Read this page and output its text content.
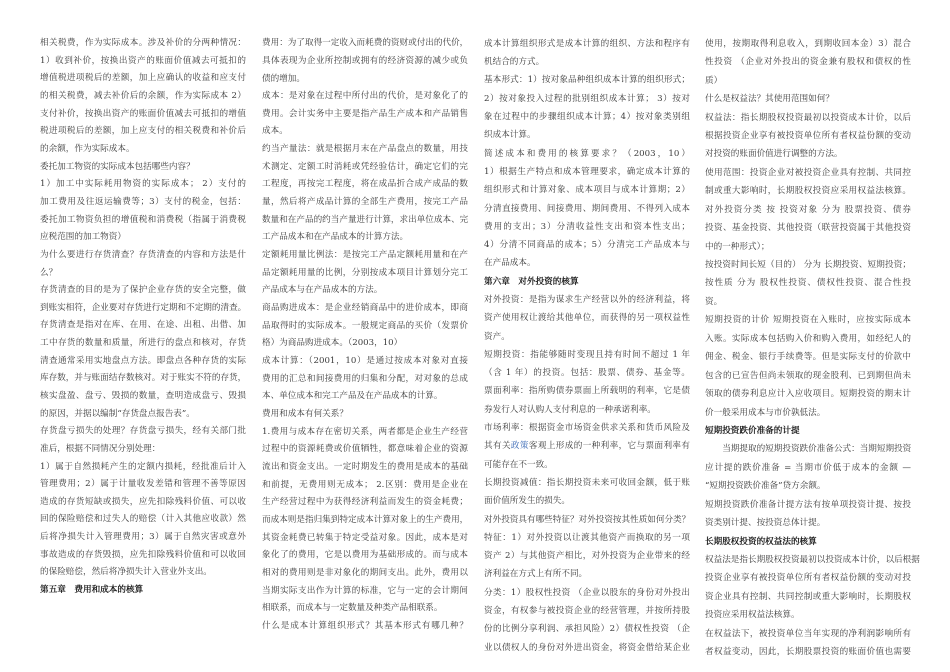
相关税费，作为实际成本。涉及补价的分两种情况：
1）收到补价，按换出资产的账面价值减去可抵扣的
增值税进项税后的差额，加上应确认的收益和应支付
的相关税费，减去补价后的余额，作为实际成本 2）
支付补价，按换出资产的账面价值减去可抵扣的增值
税进项税后的差额，加上应支付的相关税费和补价后
的余额，作为实际成本。
委托加工物资的实际成本包括哪些内容？
1）加工中实际耗用物资的实际成本； 2）支付的
加工费用及往返运输费等；3）支付的税金，包括：
委托加工物资负担的增值税和消费税（指属于消费税
应税范围的加工物资）
为什么要进行存货清查？存货清查的内容和方法是什
么？
存货清查的目的是为了保护企业存货的安全完整，做
到账实相符，企业要对存货进行定期和不定期的清查。
存货清查是指对在库、在用、在途、出租、出借、加
工中存货的数量和质量，所进行的盘点和核对，存货
清查通常采用实地盘点方法。即盘点各种存货的实际
库存数，并与账面结存数核对。对于账实不符的存货，
核实盘盈、盘亏、毁损的数量，查明造成盘亏、毁损
的原因，并据以编制“存货盘点报告表”。
存货盘亏损失的处理？存货盘亏损失，经有关部门批
准后，根据不同情况分别处理：
1）属于自然损耗产生的定额内损耗，经批准后计入
管理费用；2）属于计量收发差错和管理不善等原因
造成的存货短缺或损失，应先扣除残料价值、可以收
回的保险赔偿和过失人的赔偿（计入其他应收款）然
后将净损失计入管理费用；3）属于自然灾害或意外
事故造成的存货毁损，应先扣除残料价值和可以收回
的保险赔偿，然后将净损失计入营业外支出。
第五章　费用和成本的核算
费用：为了取得一定收入而耗费的资财或付出的代价，
具体表现为企业所控制或拥有的经济资源的减少或负
债的增加。
成本：是对象在过程中所付出的代价，是对象化了的
费用。会计实务中主要是指产品生产成本和产品销售
成本。
约当产量法：就是根据月末在产品盘点的数量，用技
术测定、定额工时消耗或凭经验估计，确定它们的完
工程度，再按完工程度，将在成品折合成产成品的数
量，然后将产成品计算的全部生产费用，按完工产品
数量和在产品的约当产量进行计算，求出单位成本、完
工产品成本和在产品成本的计算方法。
定额耗用量比例法：是按完工产品定额耗用量和在产
品定额耗用量的比例，分别按成本项目计算划分完工
产品成本与在产品成本的方法。
商品购进成本：是企业经销商品中的进价成本，即商
品取得时的实际成本。一般规定商品的买价（发票价
格）为商品购进成本。（2003，10）
成本计算：（2001，10）是通过按成本对象对直接
费用的汇总和间接费用的归集和分配，对对象的总成
本、单位成本和完工产品及在产品成本的计算。
费用和成本有何关系？
1.费用与成本存在密切关系，两者都是企业生产经营
过程中的资源耗费或价值牺牲，都意味着企业的资源
流出和资金支出。一定时期发生的费用是成本的基础
和前提，无费用则无成本； 2.区别：费用是企业在
生产经营过程中为获得经济利益而发生的资金耗费；
而成本则是指归集到特定成本计算对象上的生产费用，
其资金耗费已转集于特定受益对象。因此，成本是对
象化了的费用，它是以费用为基础形成的。而与成本
相对的费用则是非对象化的期间支出。此外，费用以
当期实际支出作为计算的标准，它与一定的会计期间
相联系，而成本与一定数量及种类产品相联系。
什么是成本计算组织形式？其基本形式有哪几种？
成本计算组织形式是成本计算的组织、方法和程序有
机结合的方式。
基本形式：1）按对象品种组织成本计算的组织形式；
2）按对象投入过程的批别组织成本计算； 3）按对
象在过程中的步骤组织成本计算；4）按对象类别组
织成本计算。
简述成本和费用的核算要求？（2003，10）
1）根据生产特点和成本管理要求，确定成本计算的
组织形式和计算对象、成本项目与成本计算期；2）
分清直接费用、间接费用、期间费用、不得列入成本
费用的支出；3）分清收益性支出和资本性支出；
4）分清不同商品的成本；5）分清完工产品成本与
在产品成本。
第六章　对外投资的核算
对外投资：是指为谋求生产经营以外的经济利益，将
资产使用权让渡给其他单位，而获得的另一项权益性
资产。
短期投资：指能够随时变现且持有时间不超过 1 年
（含 1 年）的投资。包括：股票、债券、基金等。
票面利率：指所购债券票面上所载明的利率，它是债
券发行人对认购人支付利息的一种承诺利率。
市场利率：根据资金市场资金供求关系和货币风险及
其有关政策客观上形成的一种利率，它与票面利率有
可能存在不一致。
长期投资减值：指长期投资未来可收回金额，低于账
面价值所发生的损失。
对外投资具有哪些特征？对外投资按其性质如何分类？
特征：1）对外投资以让渡其他资产而换取的另一项
资产 2）与其他资产相比，对外投资为企业带来的经
济利益在方式上有所不同。
分类：1）股权性投资 （企业以股东的身份对外投出
资金，有权参与被投资企业的经营管理，并按所持股
份的比例分享利润、承担风险）2）债权性投资 （企
业以债权人的身份对外进出资金，将资金借给某企业
使用，按期取得利息收入，到期收回本金）3）混合
性投资 （企业对外投出的资金兼有股权和债权的性
质）
什么是权益法？其使用范围如何？
权益法：指长期股权投资最初以投资成本计价，以后
根据投资企业享有被投资单位所有者权益份额的变动
对投资的账面价值进行调整的方法。
使用范围：投资企业对被投资企业具有控制、共同控
制或重大影响时，长期股权投资应采用权益法核算。
对外投资分类 按 投资对象 分为 股票投资、债券
投资、基金投资、其他投资（联营投资属于其他投资
中的一种形式）；
按投资时间长短（目的） 分为 长期投资、短期投资；
按性质 分为 股权性投资、债权性投资、混合性投
资。
短期投资的计价 短期投资在入账时，应按实际成本
入账。实际成本包括购入价和购入费用，如经纪人的
佣金、税金、银行手续费等。但是实际支付的价款中
包含的已宣告但尚未领取的现金股利、已到期但尚未
领取的债券利息应计入应收项目。短期投资的期末计
价一般采用成本与市价孰低法。
短期投资跌价准备的计提
　　当期提取的短期投资跌价准备公式：当期短期投资
应计提的跌价准备 = 当期市价低于成本的金额 —
“短期投资跌价准备”贷方余额。
短期投资跌价准备计提方法有按单项投资计提、按投
资类别计提、按投资总体计提。
长期股权投资的权益法的核算
权益法是指长期股权投资最初以投资成本计价，以后根据
投资企业享有被投资单位所有者权益份额的变动对投
资企业具有控制、共同控制或重大影响时，长期股权
投资应采用权益法核算。
在权益法下，被投资单位当年实现的净利润影响所有
者权益变动，因此，长期股票投资的账面价值也需要
